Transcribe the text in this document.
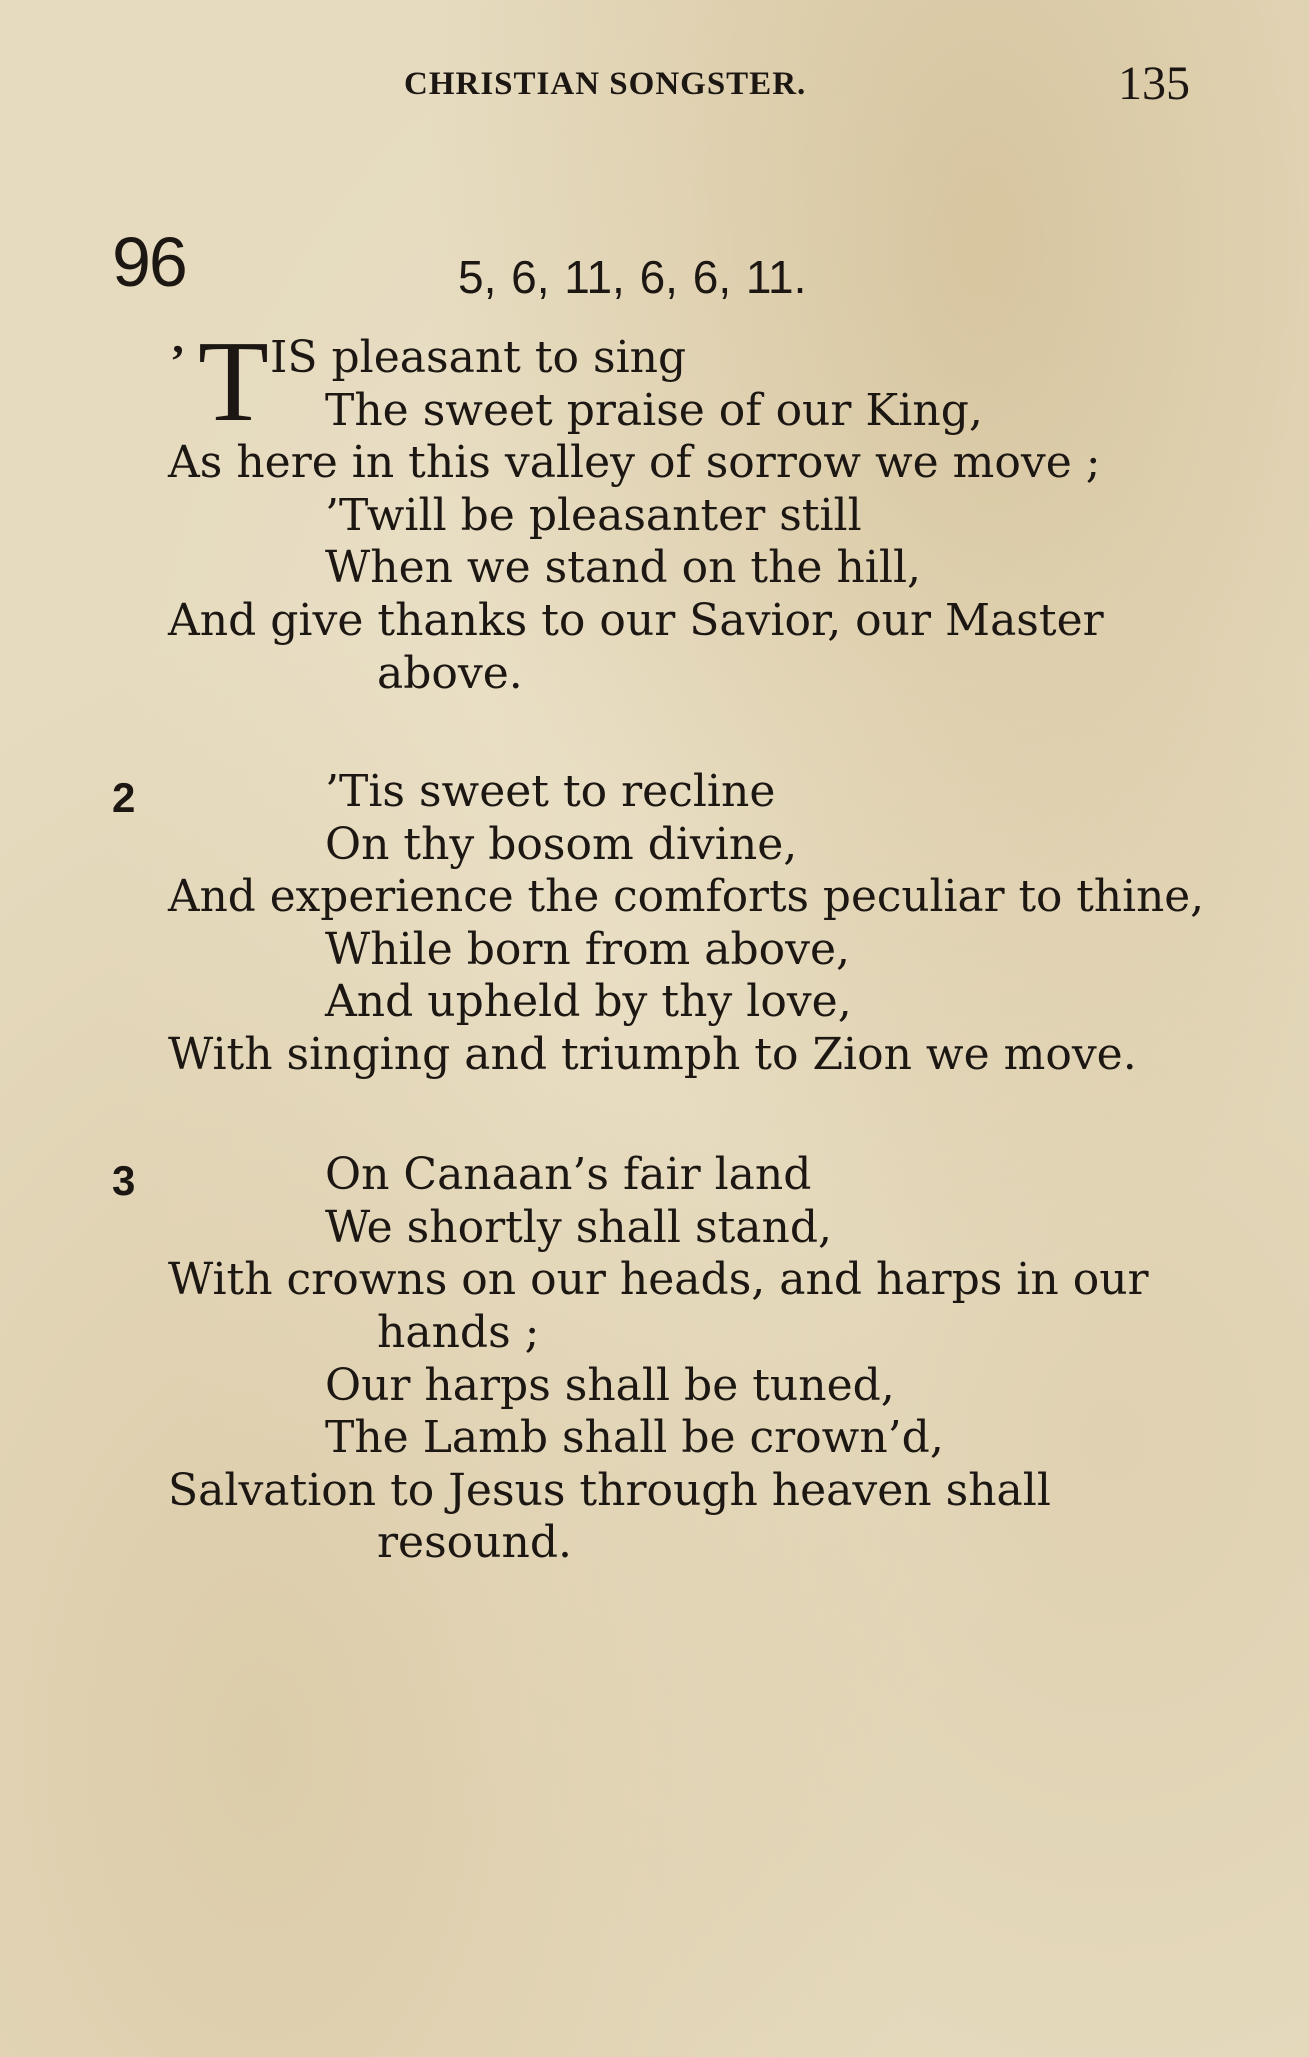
CHRISTIAN SONGSTER.	135
96	5, 6, 11, 6, 6, 11.
’ T IS pleasant to sing
The sweet praise of our King,
As here in this valley of sorrow we move ;
’Twill be pleasanter still
When we stand on the hill,
And give thanks to our Savior, our Master
above.
2	’Tis sweet to recline
On thy bosom divine,
And experience the comforts peculiar to thine,
While born from above,
And upheld by thy love,
With singing and triumph to Zion we move.
3	On Canaan’s fair land
We shortly shall stand,
With crowns on our heads, and harps in our
hands ;
Our harps shall be tuned,
The Lamb shall be crown’d,
Salvation to Jesus through heaven shall
resound.
